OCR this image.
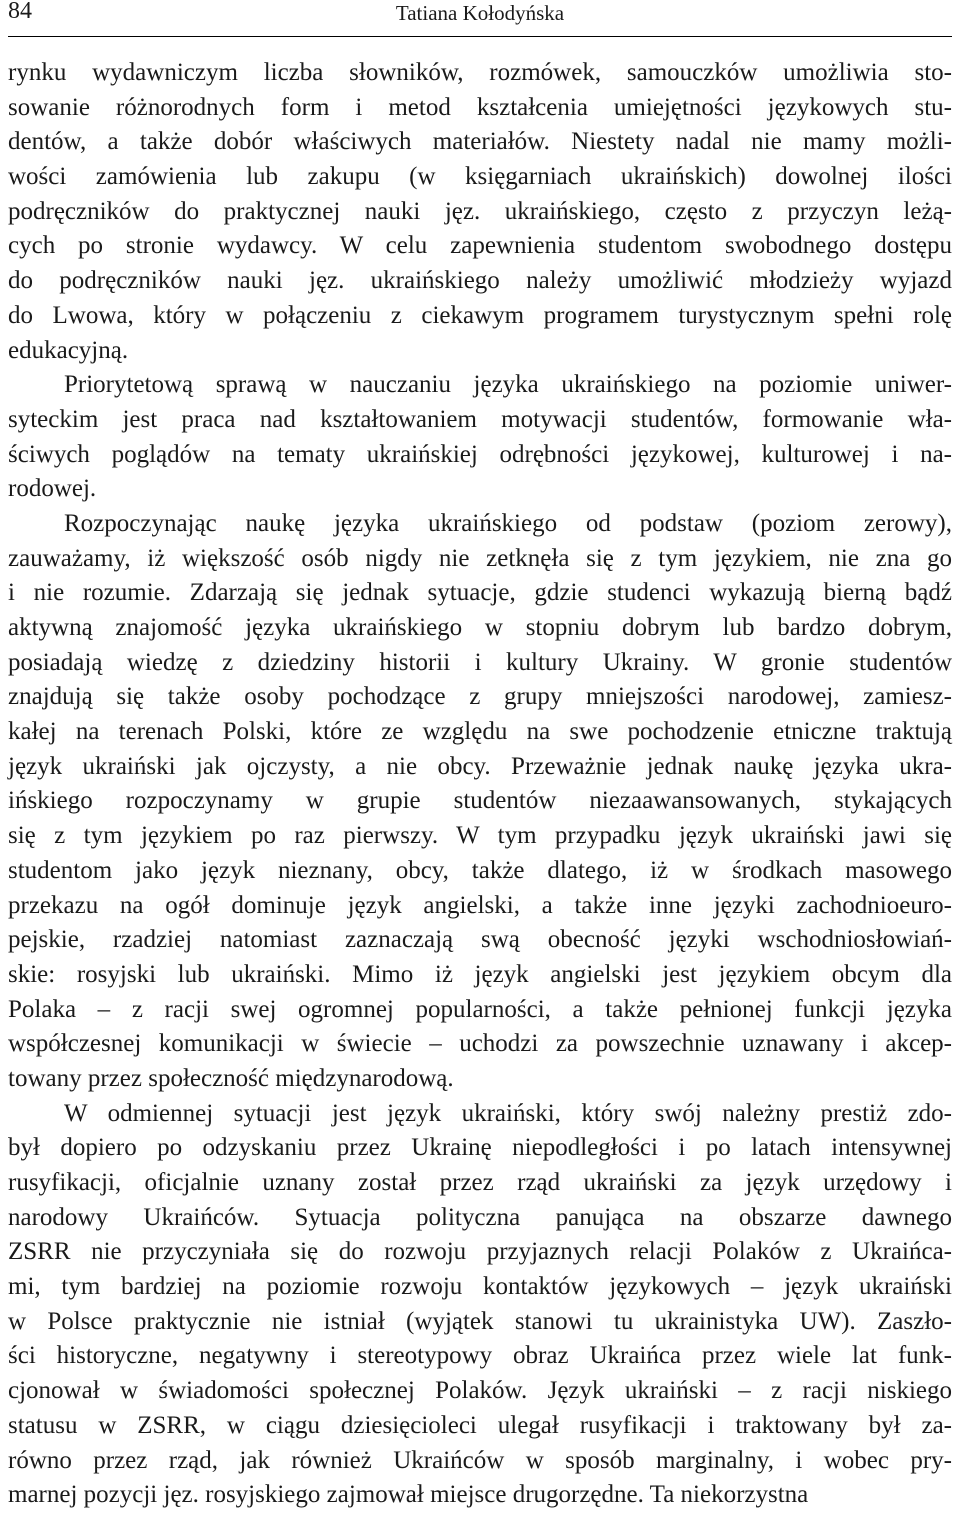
84	Tatiana Kołodyńska
rynku wydawniczym liczba słowników, rozmówek, samouczków umożliwia sto-
sowanie różnorodnych form i metod kształcenia umiejętności językowych stu-
dentów, a także dobór właściwych materiałów. Niestety nadal nie mamy możli-
wości zamówienia lub zakupu (w księgarniach ukraińskich) dowolnej ilości
podręczników do praktycznej nauki jęz. ukraińskiego, często z przyczyn leżą-
cych po stronie wydawcy. W celu zapewnienia studentom swobodnego dostępu
do podręczników nauki jęz. ukraińskiego należy umożliwić młodzieży wyjazd
do Lwowa, który w połączeniu z ciekawym programem turystycznym spełni rolę
edukacyjną.
Priorytetową sprawą w nauczaniu języka ukraińskiego na poziomie uniwer-
syteckim jest praca nad kształtowaniem motywacji studentów, formowanie wła-
ściwych poglądów na tematy ukraińskiej odrębności językowej, kulturowej i na-
rodowej.
Rozpoczynając naukę języka ukraińskiego od podstaw (poziom zerowy),
zauważamy, iż większość osób nigdy nie zetknęła się z tym językiem, nie zna go
i nie rozumie. Zdarzają się jednak sytuacje, gdzie studenci wykazują bierną bądź
aktywną znajomość języka ukraińskiego w stopniu dobrym lub bardzo dobrym,
posiadają wiedzę z dziedziny historii i kultury Ukrainy. W gronie studentów
znajdują się także osoby pochodzące z grupy mniejszości narodowej, zamiesz-
kałej na terenach Polski, które ze względu na swe pochodzenie etniczne traktują
język ukraiński jak ojczysty, a nie obcy. Przeważnie jednak naukę języka ukra-
ińskiego rozpoczynamy w grupie studentów niezaawansowanych, stykających
się z tym językiem po raz pierwszy. W tym przypadku język ukraiński jawi się
studentom jako język nieznany, obcy, także dlatego, iż w środkach masowego
przekazu na ogół dominuje język angielski, a także inne języki zachodnioeuro-
pejskie, rzadziej natomiast zaznaczają swą obecność języki wschodniosłowiań-
skie: rosyjski lub ukraiński. Mimo iż język angielski jest językiem obcym dla
Polaka – z racji swej ogromnej popularności, a także pełnionej funkcji języka
współczesnej komunikacji w świecie – uchodzi za powszechnie uznawany i akcep-
towany przez społeczność międzynarodową.
W odmiennej sytuacji jest język ukraiński, który swój należny prestiż zdo-
był dopiero po odzyskaniu przez Ukrainę niepodległości i po latach intensywnej
rusyfikacji, oficjalnie uznany został przez rząd ukraiński za język urzędowy i
narodowy Ukraińców. Sytuacja polityczna panująca na obszarze dawnego
ZSRR nie przyczyniała się do rozwoju przyjaznych relacji Polaków z Ukraińca-
mi, tym bardziej na poziomie rozwoju kontaktów językowych – język ukraiński
w Polsce praktycznie nie istniał (wyjątek stanowi tu ukrainistyka UW). Zaszło-
ści historyczne, negatywny i stereotypowy obraz Ukraińca przez wiele lat funk-
cjonował w świadomości społecznej Polaków. Język ukraiński – z racji niskiego
statusu w ZSRR, w ciągu dziesięcioleci ulegał rusyfikacji i traktowany był za-
równo przez rząd, jak również Ukraińców w sposób marginalny, i wobec pry-
marnej pozycji jęz. rosyjskiego zajmował miejsce drugorzędne. Ta niekorzystna
